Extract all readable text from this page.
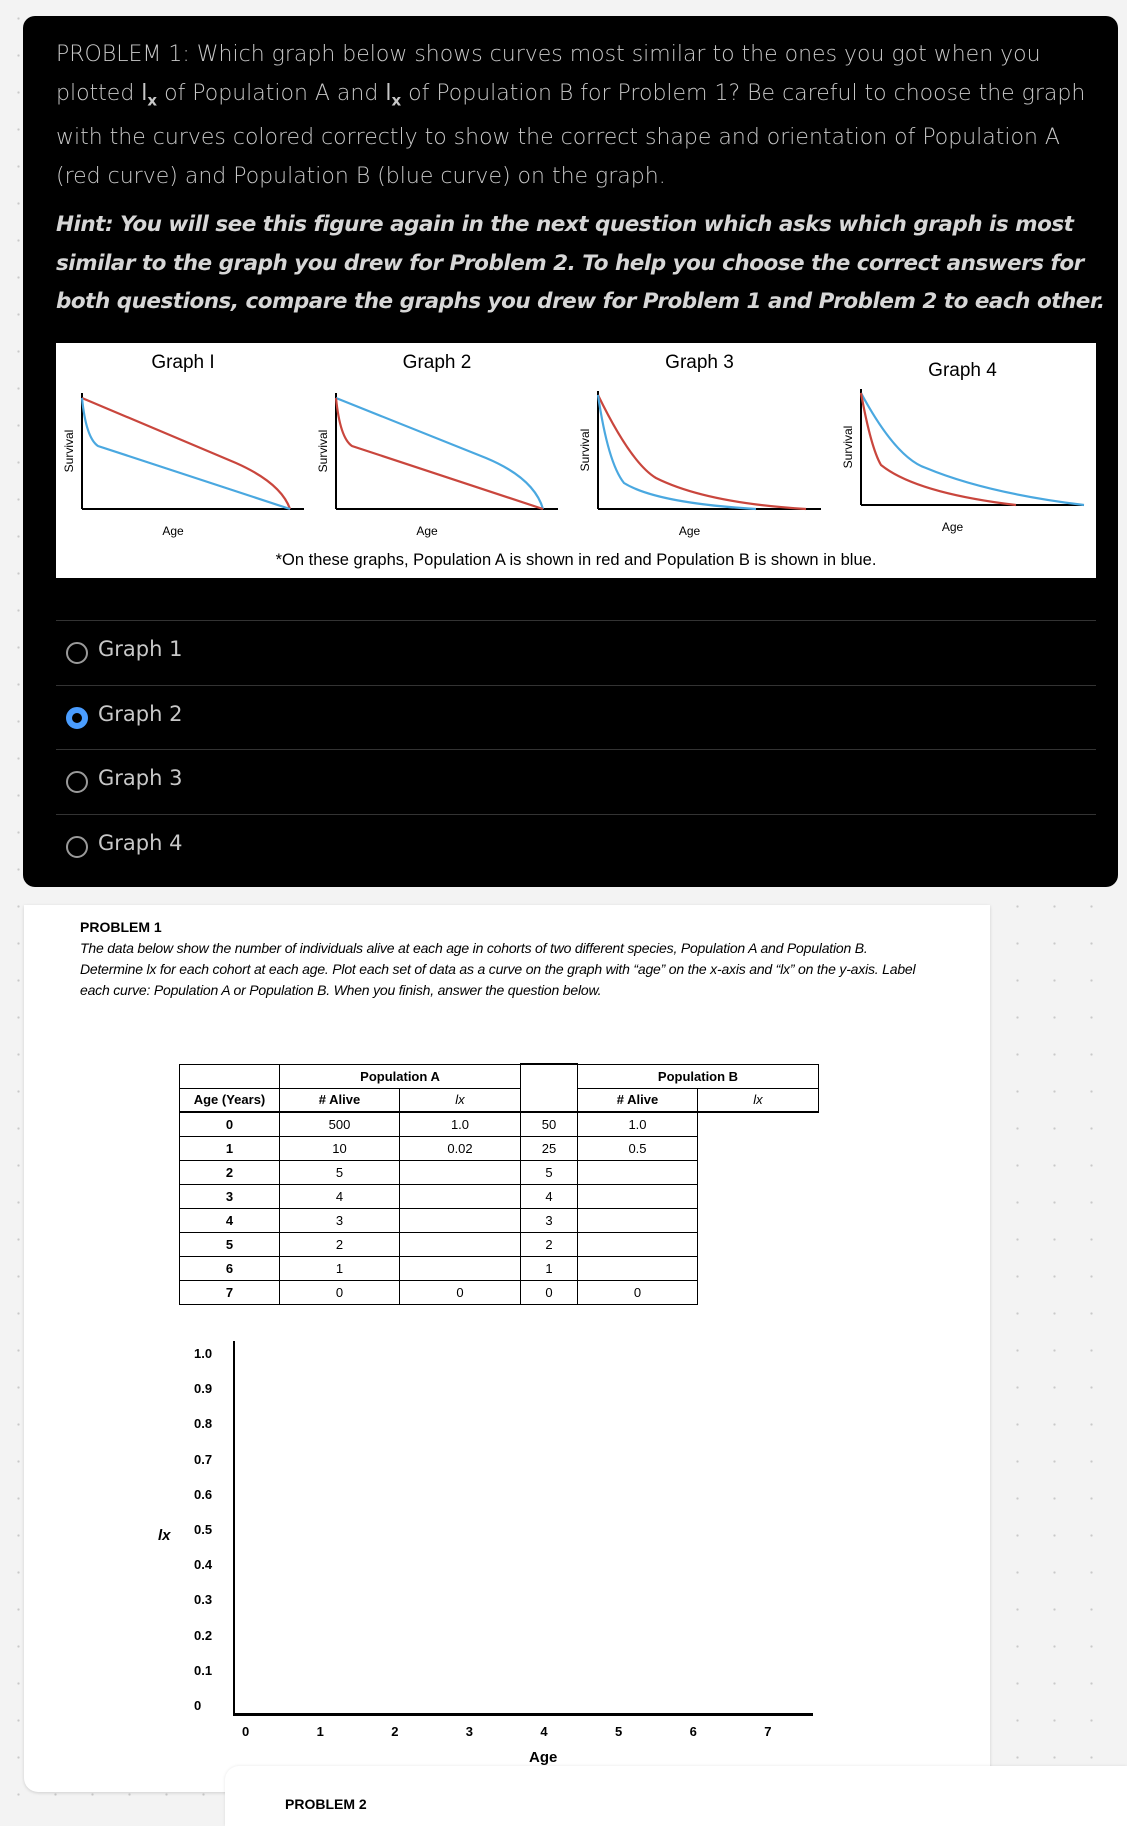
PROBLEM 1: Which graph below shows curves most similar to the ones you got when you plotted $l_x$ of Population A and $l_x$ of Population B for Problem 1? Be careful to choose the graph with the curves colored correctly to show the correct shape and orientation of Population A (red curve) and Population B (blue curve) on the graph.
Hint: You will see this figure again in the next question which asks which graph is most similar to the graph you drew for Problem 2. To help you choose the correct answers for both questions, compare the graphs you drew for Problem 1 and Problem 2 to each other.
Graph I
Survival
Age
Graph 2
Survival
Age
Graph 3
Survival
Age
Graph 4
Survival
Age
*On these graphs, Population A is shown in red and Population B is shown in blue.
Graph 1
Graph 2
Graph 3
Graph 4
PROBLEM 1
The data below show the number of individuals alive at each age in cohorts of two different species, Population A and Population B. Determine lx for each cohort at each age. Plot each set of data as a curve on the graph with “age” on the x-axis and “lx” on the y-axis. Label each curve: Population A or Population B. When you finish, answer the question below.
	Population A			Population B	
Age (Years)	# Alive	lx		# Alive	lx
0	500	1.0	50	1.0	
1	10	0.02	25	0.5	
2	5		5		
3	4		4		
4	3		3		
5	2		2		
6	1		1		
7	0	0	0	0	
lx
Age
1.0
0.9
0.8
0.7
0.6
0.5
0.4
0.3
0.2
0.1
0
0	1	2	3	4	5	6	7
PROBLEM 2
